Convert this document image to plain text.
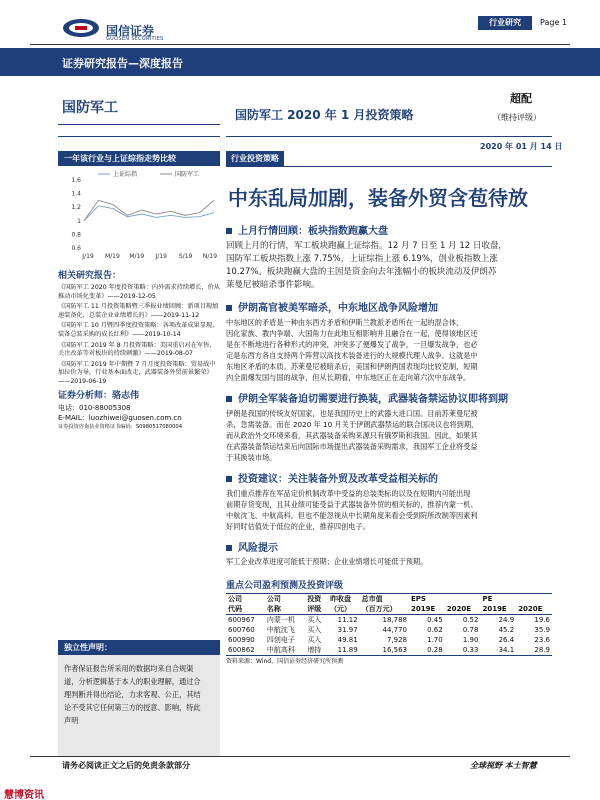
国信证券
GUOSEN SECURITIES
行业研究	Page 1
证券研究报告—深度报告
国防军工	国防军工 2020 年 1 月投资策略
超配
（维持评级）
2020 年 01 月 14 日
一年该行业与上证综指走势比较
1.6
1.4
1.2
1
0.8
0.6
J/19 M/19 M/19 J/19 S/19 N/19
上证综指	国防军工
行业投资策略
中东乱局加剧，装备外贸含苞待放
上月行情回顾：板块指数跑赢大盘
回顾上月的行情，军工板块跑赢上证综指。12 月 7 日至 1 月 12 日收盘，
国防军工板块指数上涨 7.75%，上证综指上涨 6.19%，创业板指数上涨
10.27%。板块跑赢大盘的主因是资金向去年涨幅小的板块流动及伊朗苏
莱曼尼被暗杀事件影响。
伊朗高官被美军暗杀，中东地区战争风险增加
中东地区的矛盾是一种由东西方矛盾和伊斯兰教派矛盾所在一起的混合体，
因化家族、教内争端、大国角力在此地互相影响并且融合在一起，使得该地区还
是在不断地进行各种形式的冲突，冲突多了便爆发了战争，一旦爆发战争，也必
定是东西方各自支持两个阵营以高技术装备进行的大规模代理人战争。这就是中
东地区矛盾的本质。苏莱曼尼被暗杀后，美国和伊朗两国表现均比较克制，短期
内全面爆发国与国的战争，但从长期看，中东地区正在走向第六次中东战争。
伊朗全军装备迫切需要进行换装，武器装备禁运协议即将到期
伊朗是我国的传统友好国家，也是我国历史上的武器大进口国。目前苏莱曼尼被
杀，急需装备。而在 2020 年 10 月关于伊朗武器禁运的联合国决议也将到期，
而从政治外交环境来看，其武器装备采购来源只有俄罗斯和我国。因此，如果其
在武器装备禁运结束后向国际市场提出武器装备采购需求，我国军工企业将受益
于其换装市场。
投资建议：关注装备外贸及改革受益相关标的
我们重点推荐在军品定价机制改革中受益的总装类标的以及在短期内可能出现
前期存货变现，且其业绩可能受益于武器装备外贸的相关标的，推荐内蒙一机、
中航沈飞、中航高科。但也不能忽视从中长期角度来看会受到院所改制等因素利
好同时估值处于低位的企业，推荐四创电子。
风险提示
军工企业改革进度可能低于预期；企业业绩增长可能低于预期。
相关研究报告：
《国防军工 2020 年度投资策略：内外需求持续增长，价从推动市场化变革》——2019-12-05
《国防军工 11 月投资策略暨三季报业绩回顾：新项目现加速装备化，总装企业业绩增长的》——2019-11-12
《国防军工 10 月暨四季度投资策略：各项改革成果显现，装备总装采购的成长红利》——2019-10-14
《国防军工 2019 年 8 月投资策略：美国重启对在军售，关注改革等对板块的持续刺激》——2019-08-07
《国防军工 2019 年中期暨 7 月月度投资策略：贸易战中加拉价为导，行业基本面改走，武器装备外贸前景繁荣》——2019-06-19
证券分析师：骆志伟
电话：010-88005308
E-MAIL：luozhiwei@guosen.com.cn
证券投资咨询执业资格证书编码：S0980517080004
重点公司盈利预测及投资评级
公司	公司	投资	昨收盘	总市值	EPS		PE	
代码	名称	评级	（元）	（百万元）	2019E	2020E	2019E	2020E
600967	内蒙一机	买入	11.12	18,788	0.45	0.52	24.9	19.6
600760	中航沈飞	买入	31.97	44,770	0.62	0.78	45.2	35.9
600990	四创电子	买入	49.81	7,928	1.70	1.90	26.4	23.6
600862	中航高科	增持	11.89	16,563	0.28	0.33	34.1	28.9
资料来源：Wind、国信证券经济研究所预测
独立性声明：
作者保证报告所采用的数据均来自合规渠
道，分析逻辑基于本人的职业理解，通过合
理判断并得出结论，力求客观、公正，其结
论不受其它任何第三方的授意、影响，特此
声明
请务必阅读正文之后的免责条款部分	全球视野 本土智慧
慧博资讯
